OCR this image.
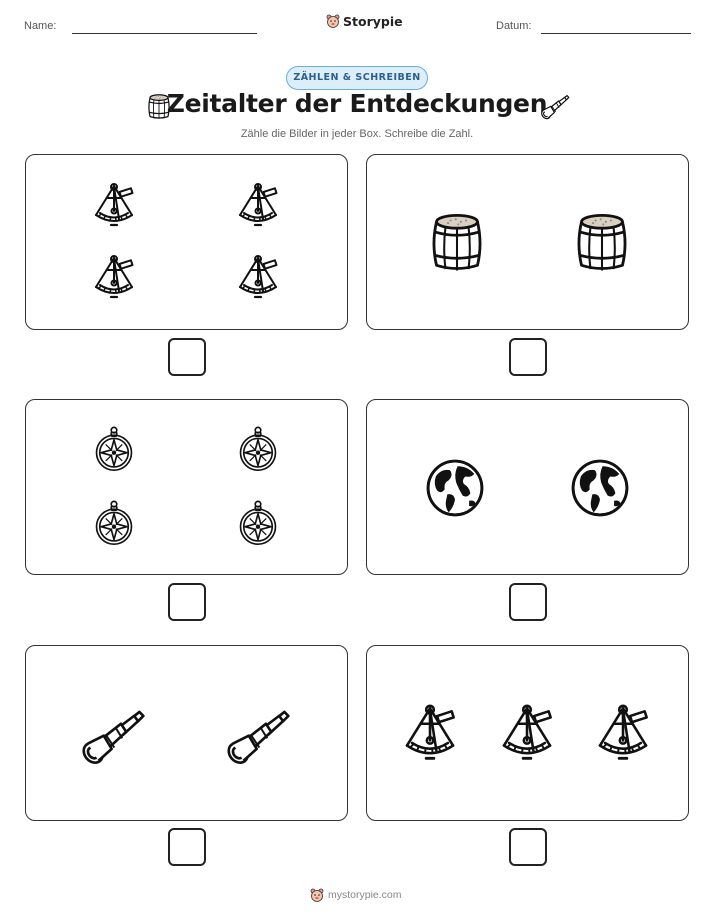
Name:	Storypie	Datum:
ZÄHLEN & SCHREIBEN
Zeitalter der Entdeckungen
Zähle die Bilder in jeder Box. Schreibe die Zahl.
mystorypie.com
